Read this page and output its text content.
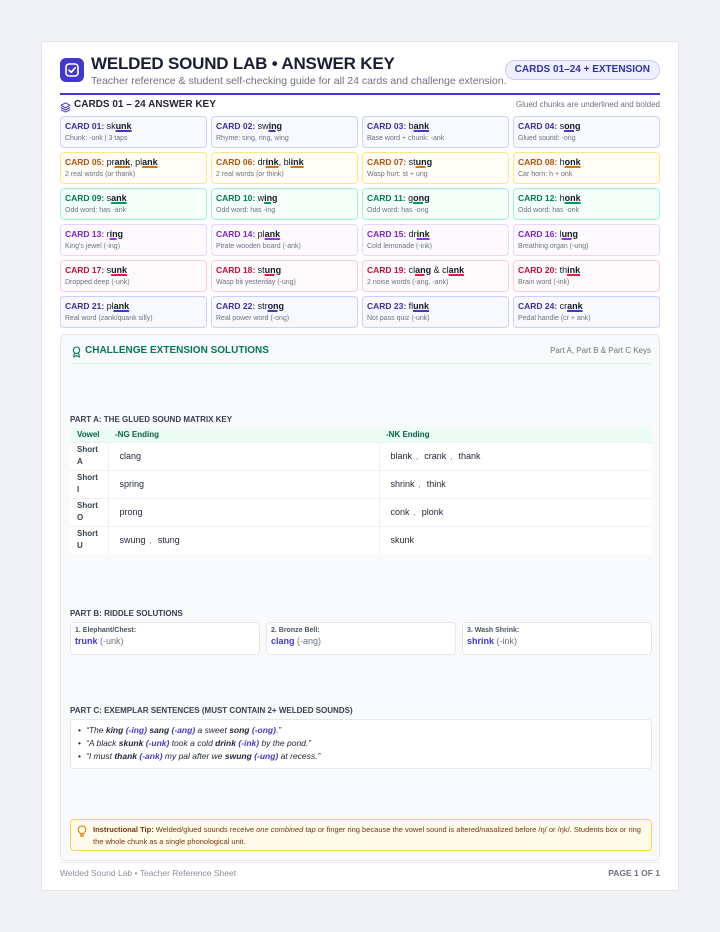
WELDED SOUND LAB • ANSWER KEY
Teacher reference & student self-checking guide for all 24 cards and challenge extension.
CARDS 01–24 + EXTENSION
CARDS 01 – 24 ANSWER KEY	Glued chunks are underlined and bolded
CARD 01: skunk
Chunk: -unk | 3 taps
CARD 02: swing
Rhyme: sing, ring, wing
CARD 03: bank
Base word + chunk: -ank
CARD 04: song
Glued sound: -ong
CARD 05: prank, plank
2 real words (or thank)
CARD 06: drink, blink
2 real words (or think)
CARD 07: stung
Wasp hurt: st + ung
CARD 08: honk
Car horn: h + onk
CARD 09: sank
Odd word: has -ank
CARD 10: wing
Odd word: has -ing
CARD 11: gong
Odd word: has -ong
CARD 12: honk
Odd word: has -onk
CARD 13: ring
King's jewel (-ing)
CARD 14: plank
Pirate wooden board (-ank)
CARD 15: drink
Cold lemonade (-ink)
CARD 16: lung
Breathing organ (-ung)
CARD 17: sunk
Dropped deep (-unk)
CARD 18: stung
Wasp bit yesterday (-ung)
CARD 19: clang & clank
2 noise words (-ang, -ank)
CARD 20: think
Brain word (-ink)
CARD 21: plank
Real word (zank/quank silly)
CARD 22: strong
Real power word (-ong)
CARD 23: flunk
Not pass quiz (-unk)
CARD 24: crank
Pedal handle (cr + ank)
CHALLENGE EXTENSION SOLUTIONS	Part A, Part B & Part C Keys
PART A: THE GLUED SOUND MATRIX KEY
Vowel	-NG Ending	-NK Ending
Short A	clang	blank , crank , thank
Short I	spring	shrink , think
Short O	prong	conk , plonk
Short U	swung , stung	skunk
PART B: RIDDLE SOLUTIONS
1. Elephant/Chest:
trunk (-unk)
2. Bronze Bell:
clang (-ang)
3. Wash Shrink:
shrink (-ink)
PART C: EXEMPLAR SENTENCES (MUST CONTAIN 2+ WELDED SOUNDS)
• “The king (-ing) sang (-ang) a sweet song (-ong).”
• “A black skunk (-unk) took a cold drink (-ink) by the pond.”
• “I must thank (-ank) my pal after we swung (-ung) at recess.”
Instructional Tip: Welded/glued sounds receive one combined tap or finger ring because the vowel sound is altered/nasalized before /ŋ/ or /ŋk/. Students box or ring the whole chunk as a single phonological unit.
Welded Sound Lab • Teacher Reference Sheet	PAGE 1 OF 1
